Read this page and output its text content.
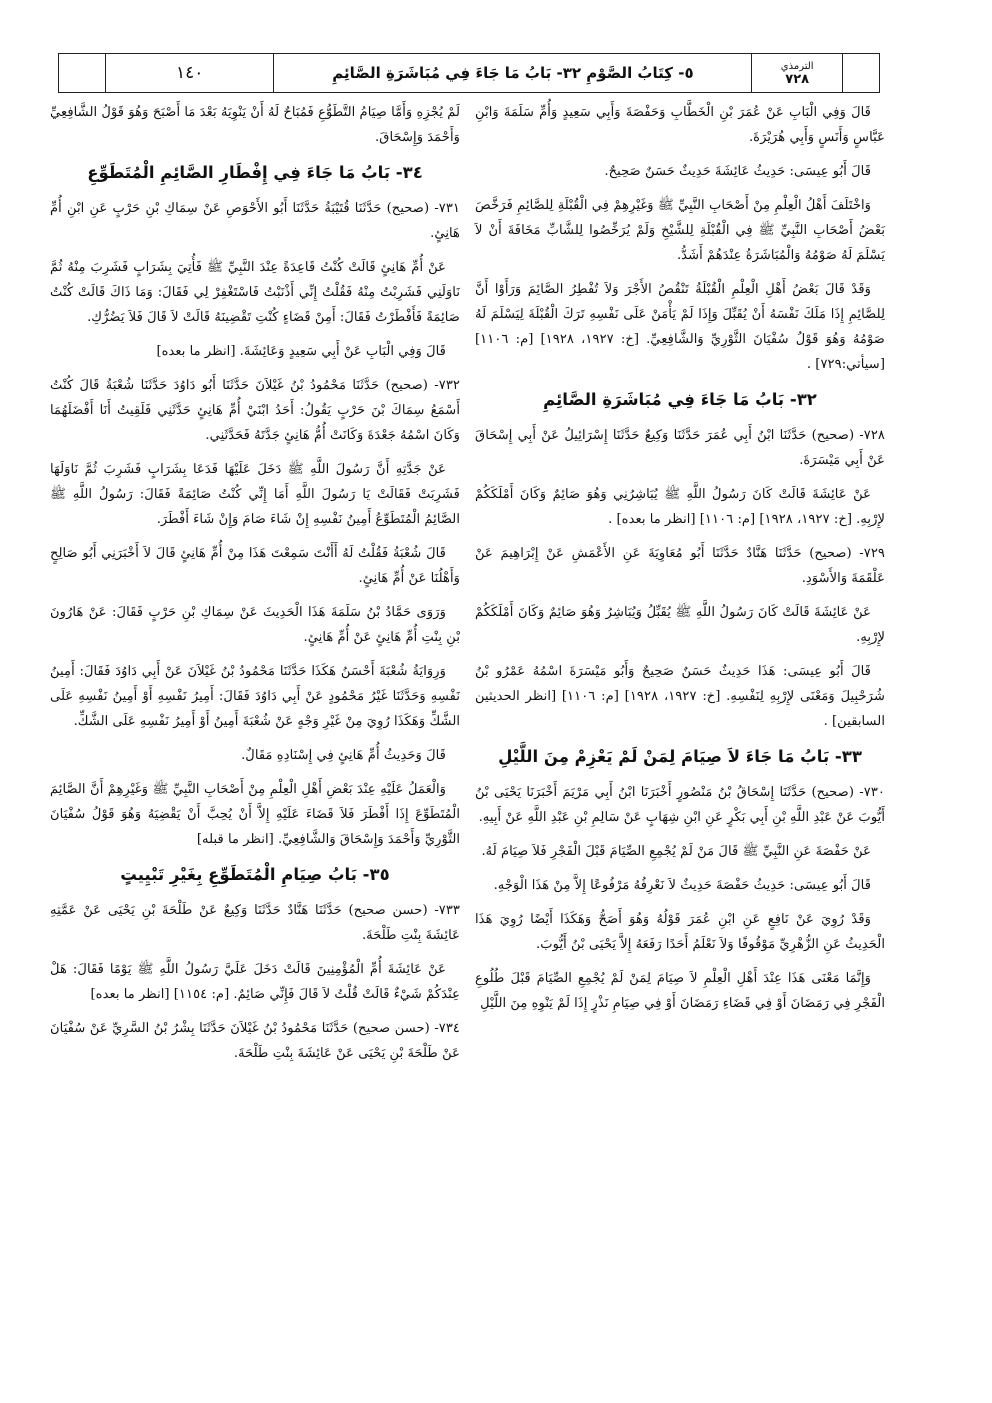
١٤٠	٥- كِتَابُ الصَّوْمِ ٣٢- بَابُ مَا جَاءَ فِي مُبَاشَرَةِ الصَّائِمِ	الترمذي
٧٢٨

قَالَ وَفِي الْبَابِ عَنْ عُمَرَ بْنِ الْخَطَّابِ وَحَفْصَةَ وَأَبِي سَعِيدٍ وَأُمِّ سَلَمَةَ وَابْنِ عَبَّاسٍ وَأَنَسٍ وَأَبِي هُرَيْرَةَ.

قَالَ أَبُو عِيسَى: حَدِيثُ عَائِشَةَ حَدِيثٌ حَسَنٌ صَحِيحٌ.

وَاخْتَلَفَ أَهْلُ الْعِلْمِ مِنْ أَصْحَابِ النَّبِيِّ ﷺ وَغَيْرِهِمْ فِي الْقُبْلَةِ لِلصَّائِمِ فَرَخَّصَ بَعْضُ أَصْحَابِ النَّبِيِّ ﷺ فِي الْقُبْلَةِ لِلشَّيْخِ وَلَمْ يُرَخِّصُوا لِلشَّابِّ مَخَافَةَ أَنْ لاَ يَسْلَمَ لَهُ صَوْمُهُ وَالْمُبَاشَرَةُ عِنْدَهُمْ أَشَدُّ.

وَقَدْ قَالَ بَعْضُ أَهْلِ الْعِلْمِ الْقُبْلَةُ تَنْقُصُ الأَجْرَ وَلاَ تُفْطِرُ الصَّائِمَ وَرَأَوْا أَنَّ لِلصَّائِمِ إِذَا مَلَكَ نَفْسَهُ أَنْ يُقَبِّلَ وَإِذَا لَمْ يَأْمَنْ عَلَى نَفْسِهِ تَرَكَ الْقُبْلَةَ لِيَسْلَمَ لَهُ صَوْمُهُ وَهُوَ قَوْلُ سُفْيَانَ الثَّوْرِيِّ وَالشَّافِعِيِّ. [خ: ١٩٢٧، ١٩٢٨] [م: ١١٠٦] [سيأتي:٧٢٩] .

٣٢- بَابُ مَا جَاءَ فِي مُبَاشَرَةِ الصَّائِمِ

٧٢٨- (صحيح) حَدَّثَنَا ابْنُ أَبِي عُمَرَ حَدَّثَنَا وَكِيعٌ حَدَّثَنَا إِسْرَائِيلُ عَنْ أَبِي إِسْحَاقَ عَنْ أَبِي مَيْسَرَةَ.

عَنْ عَائِشَةَ قَالَتْ كَانَ رَسُولُ اللَّهِ ﷺ يُبَاشِرُنِي وَهُوَ صَائِمٌ وَكَانَ أَمْلَكَكُمْ لإِرْبِهِ. [خ: ١٩٢٧، ١٩٢٨] [م: ١١٠٦] [انظر ما بعده] .

٧٢٩- (صحيح) حَدَّثَنَا هَنَّادٌ حَدَّثَنَا أَبُو مُعَاوِيَةَ عَنِ الأَعْمَشِ عَنْ إِبْرَاهِيمَ عَنْ عَلْقَمَةَ وَالأَسْوَدِ.

عَنْ عَائِشَةَ قَالَتْ كَانَ رَسُولُ اللَّهِ ﷺ يُقَبِّلُ وَيُبَاشِرُ وَهُوَ صَائِمٌ وَكَانَ أَمْلَكَكُمْ لإِرْبِهِ.

قَالَ أَبُو عِيسَى: هَذَا حَدِيثٌ حَسَنٌ صَحِيحٌ وَأَبُو مَيْسَرَةَ اسْمُهُ عَمْرُو بْنُ شُرَحْبِيلَ وَمَعْنَى لإِرْبِهِ لِنَفْسِهِ. [خ: ١٩٢٧، ١٩٢٨] [م: ١١٠٦] [انظر الحديثين السابقين] .

٣٣- بَابُ مَا جَاءَ لاَ صِيَامَ لِمَنْ لَمْ يَعْزِمْ مِنَ اللَّيْلِ

٧٣٠- (صحيح) حَدَّثَنَا إِسْحَاقُ بْنُ مَنْصُورٍ أَخْبَرَنَا ابْنُ أَبِي مَرْيَمَ أَخْبَرَنَا يَحْيَى بْنُ أَيُّوبَ عَنْ عَبْدِ اللَّهِ بْنِ أَبِي بَكْرٍ عَنِ ابْنِ شِهَابٍ عَنْ سَالِمِ بْنِ عَبْدِ اللَّهِ عَنْ أَبِيهِ.

عَنْ حَفْصَةَ عَنِ النَّبِيِّ ﷺ قَالَ مَنْ لَمْ يُجْمِعِ الصِّيَامَ قَبْلَ الْفَجْرِ فَلاَ صِيَامَ لَهُ.

قَالَ أَبُو عِيسَى: حَدِيثُ حَفْصَةَ حَدِيثٌ لاَ نَعْرِفُهُ مَرْفُوعًا إِلاَّ مِنْ هَذَا الْوَجْهِ.

وَقَدْ رُوِيَ عَنْ نَافِعٍ عَنِ ابْنِ عُمَرَ قَوْلُهُ وَهُوَ أَصَحُّ وَهَكَذَا أَيْضًا رُوِيَ هَذَا الْحَدِيثُ عَنِ الزُّهْرِيِّ مَوْقُوفًا وَلاَ نَعْلَمُ أَحَدًا رَفَعَهُ إِلاَّ يَحْيَى بْنُ أَيُّوبَ.

وَإِنَّمَا مَعْنَى هَذَا عِنْدَ أَهْلِ الْعِلْمِ لاَ صِيَامَ لِمَنْ لَمْ يُجْمِعِ الصِّيَامَ قَبْلَ طُلُوعِ الْفَجْرِ فِي رَمَضَانَ أَوْ فِي قَضَاءِ رَمَضَانَ أَوْ فِي صِيَامِ نَذْرٍ إِذَا لَمْ يَنْوِهِ مِنَ اللَّيْلِ

لَمْ يُجْزِهِ وَأَمَّا صِيَامُ التَّطَوُّعِ فَمُبَاحٌ لَهُ أَنْ يَنْوِيَهُ بَعْدَ مَا أَصْبَحَ وَهُوَ قَوْلُ الشَّافِعِيِّ وَأَحْمَدَ وَإِسْحَاقَ.

٣٤- بَابُ مَا جَاءَ فِي إِفْطَارِ الصَّائِمِ الْمُتَطَوِّعِ

٧٣١- (صحيح) حَدَّثَنَا قُتَيْبَةُ حَدَّثَنَا أَبُو الأَحْوَصِ عَنْ سِمَاكِ بْنِ حَرْبٍ عَنِ ابْنِ أُمِّ هَانِئٍ.

عَنْ أُمِّ هَانِئٍ قَالَتْ كُنْتُ قَاعِدَةً عِنْدَ النَّبِيِّ ﷺ فَأُتِيَ بِشَرَابٍ فَشَرِبَ مِنْهُ ثُمَّ نَاوَلَنِي فَشَرِبْتُ مِنْهُ فَقُلْتُ إِنِّي أَذْنَبْتُ فَاسْتَغْفِرْ لِي فَقَالَ: وَمَا ذَاكَ قَالَتْ كُنْتُ صَائِمَةً فَأَفْطَرْتُ فَقَالَ: أَمِنْ قَضَاءٍ كُنْتِ تَقْضِينَهُ قَالَتْ لاَ قَالَ فَلاَ يَضُرُّكِ.

قَالَ وَفِي الْبَابِ عَنْ أَبِي سَعِيدٍ وَعَائِشَةَ. [انظر ما بعده]

٧٣٢- (صحيح) حَدَّثَنَا مَحْمُودُ بْنُ غَيْلاَنَ حَدَّثَنَا أَبُو دَاوُدَ حَدَّثَنَا شُعْبَةُ قَالَ كُنْتُ أَسْمَعُ سِمَاكَ بْنَ حَرْبٍ يَقُولُ: أَحَدُ ابْنَيْ أُمِّ هَانِئٍ حَدَّثَنِي فَلَقِيتُ أَنَا أَفْضَلَهُمَا وَكَانَ اسْمُهُ جَعْدَةَ وَكَانَتْ أُمُّ هَانِئٍ جَدَّتَهُ فَحَدَّثَنِي.

عَنْ جَدَّتِهِ أَنَّ رَسُولَ اللَّهِ ﷺ دَخَلَ عَلَيْهَا فَدَعَا بِشَرَابٍ فَشَرِبَ ثُمَّ نَاوَلَهَا فَشَرِبَتْ فَقَالَتْ يَا رَسُولَ اللَّهِ أَمَا إِنِّي كُنْتُ صَائِمَةً فَقَالَ: رَسُولُ اللَّهِ ﷺ الصَّائِمُ الْمُتَطَوِّعُ أَمِينُ نَفْسِهِ إِنْ شَاءَ صَامَ وَإِنْ شَاءَ أَفْطَرَ.

قَالَ شُعْبَةُ فَقُلْتُ لَهُ أَأَنْتَ سَمِعْتَ هَذَا مِنْ أُمِّ هَانِئٍ قَالَ لاَ أَخْبَرَنِي أَبُو صَالِحٍ وَأَهْلُنَا عَنْ أُمِّ هَانِئٍ.

وَرَوَى حَمَّادُ بْنُ سَلَمَةَ هَذَا الْحَدِيثَ عَنْ سِمَاكِ بْنِ حَرْبٍ فَقَالَ: عَنْ هَارُونَ بْنِ بِنْتِ أُمِّ هَانِئٍ عَنْ أُمِّ هَانِئٍ.

وَرِوَايَةُ شُعْبَةَ أَحْسَنُ هَكَذَا حَدَّثَنَا مَحْمُودُ بْنُ غَيْلاَنَ عَنْ أَبِي دَاوُدَ فَقَالَ: أَمِينُ نَفْسِهِ وَحَدَّثَنَا غَيْرُ مَحْمُودٍ عَنْ أَبِي دَاوُدَ فَقَالَ: أَمِيرُ نَفْسِهِ أَوْ أَمِينُ نَفْسِهِ عَلَى الشَّكِّ وَهَكَذَا رُوِيَ مِنْ غَيْرِ وَجْهٍ عَنْ شُعْبَةَ أَمِينُ أَوْ أَمِيرُ نَفْسِهِ عَلَى الشَّكِّ.

قَالَ وَحَدِيثُ أُمِّ هَانِئٍ فِي إِسْنَادِهِ مَقَالٌ.

وَالْعَمَلُ عَلَيْهِ عِنْدَ بَعْضِ أَهْلِ الْعِلْمِ مِنْ أَصْحَابِ النَّبِيِّ ﷺ وَغَيْرِهِمْ أَنَّ الصَّائِمَ الْمُتَطَوِّعَ إِذَا أَفْطَرَ فَلاَ قَضَاءَ عَلَيْهِ إِلاَّ أَنْ يُحِبَّ أَنْ يَقْضِيَهُ وَهُوَ قَوْلُ سُفْيَانَ الثَّوْرِيِّ وَأَحْمَدَ وَإِسْحَاقَ وَالشَّافِعِيِّ. [انظر ما قبله]

٣٥- بَابُ صِيَامِ الْمُتَطَوِّعِ بِغَيْرِ تَبْيِيتٍ

٧٣٣- (حسن صحيح) حَدَّثَنَا هَنَّادٌ حَدَّثَنَا وَكِيعٌ عَنْ طَلْحَةَ بْنِ يَحْيَى عَنْ عَمَّتِهِ عَائِشَةَ بِنْتِ طَلْحَةَ.

عَنْ عَائِشَةَ أُمِّ الْمُؤْمِنِينَ قَالَتْ دَخَلَ عَلَيَّ رَسُولُ اللَّهِ ﷺ يَوْمًا فَقَالَ: هَلْ عِنْدَكُمْ شَيْءٌ قَالَتْ قُلْتُ لاَ قَالَ فَإِنِّي صَائِمٌ. [م: ١١٥٤] [انظر ما بعده]

٧٣٤- (حسن صحيح) حَدَّثَنَا مَحْمُودُ بْنُ غَيْلاَنَ حَدَّثَنَا بِشْرُ بْنُ السَّرِيِّ عَنْ سُفْيَانَ عَنْ طَلْحَةَ بْنِ يَحْيَى عَنْ عَائِشَةَ بِنْتِ طَلْحَةَ.
